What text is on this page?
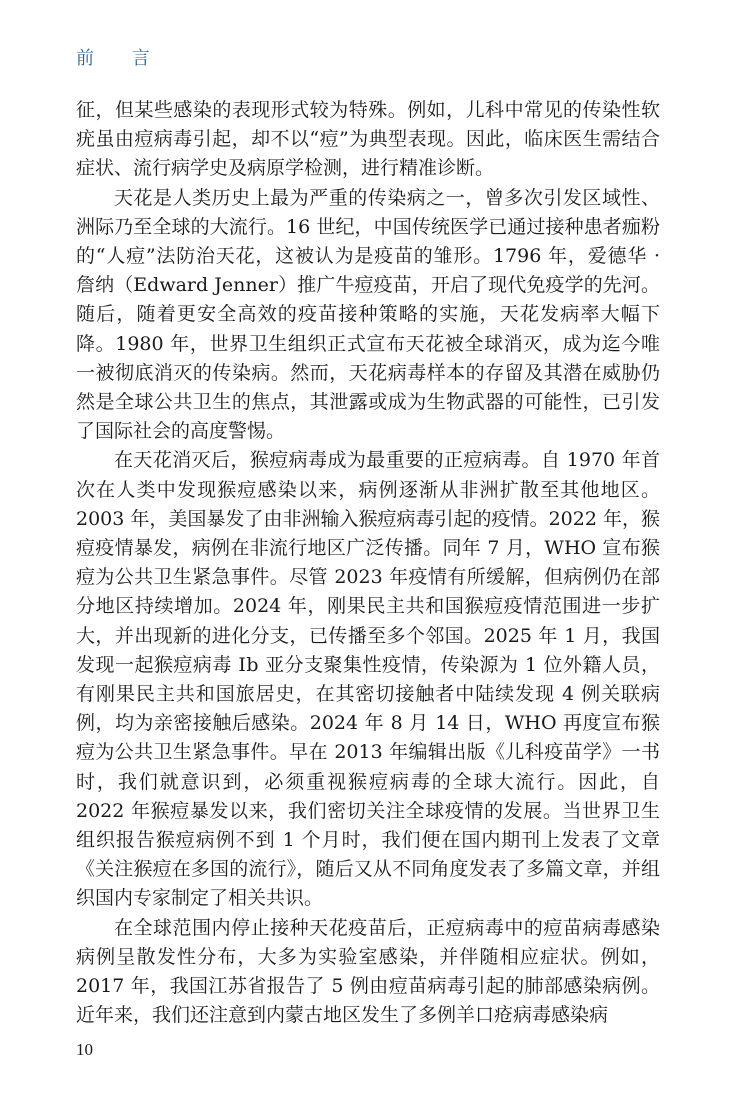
前 言

征，但某些感染的表现形式较为特殊。例如，儿科中常见的传染性软疣虽由痘病毒引起，却不以“痘”为典型表现。因此，临床医生需结合症状、流行病学史及病原学检测，进行精准诊断。

天花是人类历史上最为严重的传染病之一，曾多次引发区域性、洲际乃至全球的大流行。16 世纪，中国传统医学已通过接种患者痂粉的“人痘”法防治天花，这被认为是疫苗的雏形。1796 年，爱德华 · 詹纳（Edward Jenner）推广牛痘疫苗，开启了现代免疫学的先河。随后，随着更安全高效的疫苗接种策略的实施，天花发病率大幅下降。1980 年，世界卫生组织正式宣布天花被全球消灭，成为迄今唯一被彻底消灭的传染病。然而，天花病毒样本的存留及其潜在威胁仍然是全球公共卫生的焦点，其泄露或成为生物武器的可能性，已引发了国际社会的高度警惕。

在天花消灭后，猴痘病毒成为最重要的正痘病毒。自 1970 年首次在人类中发现猴痘感染以来，病例逐渐从非洲扩散至其他地区。2003 年，美国暴发了由非洲输入猴痘病毒引起的疫情。2022 年，猴痘疫情暴发，病例在非流行地区广泛传播。同年 7 月，WHO 宣布猴痘为公共卫生紧急事件。尽管 2023 年疫情有所缓解，但病例仍在部分地区持续增加。2024 年，刚果民主共和国猴痘疫情范围进一步扩大，并出现新的进化分支，已传播至多个邻国。2025 年 1 月，我国发现一起猴痘病毒 Ⅰb 亚分支聚集性疫情，传染源为 1 位外籍人员，有刚果民主共和国旅居史，在其密切接触者中陆续发现 4 例关联病例，均为亲密接触后感染。2024 年 8 月 14 日，WHO 再度宣布猴痘为公共卫生紧急事件。早在 2013 年编辑出版《儿科疫苗学》一书时，我们就意识到，必须重视猴痘病毒的全球大流行。因此，自 2022 年猴痘暴发以来，我们密切关注全球疫情的发展。当世界卫生组织报告猴痘病例不到 1 个月时，我们便在国内期刊上发表了文章《关注猴痘在多国的流行》，随后又从不同角度发表了多篇文章，并组织国内专家制定了相关共识。

在全球范围内停止接种天花疫苗后，正痘病毒中的痘苗病毒感染病例呈散发性分布，大多为实验室感染，并伴随相应症状。例如，2017 年，我国江苏省报告了 5 例由痘苗病毒引起的肺部感染病例。近年来，我们还注意到内蒙古地区发生了多例羊口疮病毒感染病

10
